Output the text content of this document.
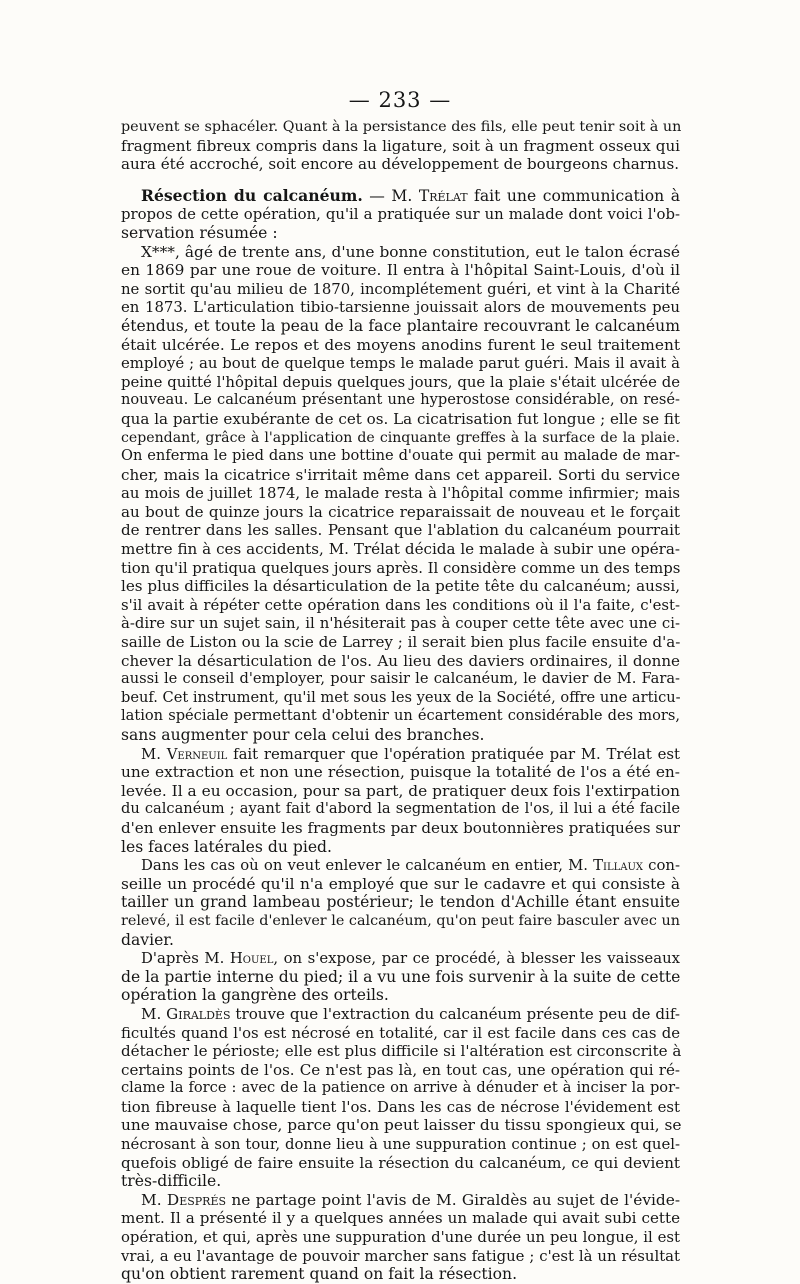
— 233 —
peuvent se sphacéler. Quant à la persistance des fils, elle peut tenir soit à un
fragment fibreux compris dans la ligature, soit à un fragment osseux qui
aura été accroché, soit encore au développement de bourgeons charnus.
Résection du calcanéum. — M. Trélat fait une communication à
propos de cette opération, qu'il a pratiquée sur un malade dont voici l'ob-
servation résumée :
X***, âgé de trente ans, d'une bonne constitution, eut le talon écrasé
en 1869 par une roue de voiture. Il entra à l'hôpital Saint-Louis, d'où il
ne sortit qu'au milieu de 1870, incomplétement guéri, et vint à la Charité
en 1873. L'articulation tibio-tarsienne jouissait alors de mouvements peu
étendus, et toute la peau de la face plantaire recouvrant le calcanéum
était ulcérée. Le repos et des moyens anodins furent le seul traitement
employé ; au bout de quelque temps le malade parut guéri. Mais il avait à
peine quitté l'hôpital depuis quelques jours, que la plaie s'était ulcérée de
nouveau. Le calcanéum présentant une hyperostose considérable, on resé-
qua la partie exubérante de cet os. La cicatrisation fut longue ; elle se fit
cependant, grâce à l'application de cinquante greffes à la surface de la plaie.
On enferma le pied dans une bottine d'ouate qui permit au malade de mar-
cher, mais la cicatrice s'irritait même dans cet appareil. Sorti du service
au mois de juillet 1874, le malade resta à l'hôpital comme infirmier; mais
au bout de quinze jours la cicatrice reparaissait de nouveau et le forçait
de rentrer dans les salles. Pensant que l'ablation du calcanéum pourrait
mettre fin à ces accidents, M. Trélat décida le malade à subir une opéra-
tion qu'il pratiqua quelques jours après. Il considère comme un des temps
les plus difficiles la désarticulation de la petite tête du calcanéum; aussi,
s'il avait à répéter cette opération dans les conditions où il l'a faite, c'est-
à-dire sur un sujet sain, il n'hésiterait pas à couper cette tête avec une ci-
saille de Liston ou la scie de Larrey ; il serait bien plus facile ensuite d'a-
chever la désarticulation de l'os. Au lieu des daviers ordinaires, il donne
aussi le conseil d'employer, pour saisir le calcanéum, le davier de M. Fara-
beuf. Cet instrument, qu'il met sous les yeux de la Société, offre une articu-
lation spéciale permettant d'obtenir un écartement considérable des mors,
sans augmenter pour cela celui des branches.
M. Verneuil fait remarquer que l'opération pratiquée par M. Trélat est
une extraction et non une résection, puisque la totalité de l'os a été en-
levée. Il a eu occasion, pour sa part, de pratiquer deux fois l'extirpation
du calcanéum ; ayant fait d'abord la segmentation de l'os, il lui a été facile
d'en enlever ensuite les fragments par deux boutonnières pratiquées sur
les faces latérales du pied.
Dans les cas où on veut enlever le calcanéum en entier, M. Tillaux con-
seille un procédé qu'il n'a employé que sur le cadavre et qui consiste à
tailler un grand lambeau postérieur; le tendon d'Achille étant ensuite
relevé, il est facile d'enlever le calcanéum, qu'on peut faire basculer avec un
davier.
D'après M. Houel, on s'expose, par ce procédé, à blesser les vaisseaux
de la partie interne du pied; il a vu une fois survenir à la suite de cette
opération la gangrène des orteils.
M. Giraldès trouve que l'extraction du calcanéum présente peu de dif-
ficultés quand l'os est nécrosé en totalité, car il est facile dans ces cas de
détacher le périoste; elle est plus difficile si l'altération est circonscrite à
certains points de l'os. Ce n'est pas là, en tout cas, une opération qui ré-
clame la force : avec de la patience on arrive à dénuder et à inciser la por-
tion fibreuse à laquelle tient l'os. Dans les cas de nécrose l'évidement est
une mauvaise chose, parce qu'on peut laisser du tissu spongieux qui, se
nécrosant à son tour, donne lieu à une suppuration continue ; on est quel-
quefois obligé de faire ensuite la résection du calcanéum, ce qui devient
très-difficile.
M. Després ne partage point l'avis de M. Giraldès au sujet de l'évide-
ment. Il a présenté il y a quelques années un malade qui avait subi cette
opération, et qui, après une suppuration d'une durée un peu longue, il est
vrai, a eu l'avantage de pouvoir marcher sans fatigue ; c'est là un résultat
qu'on obtient rarement quand on fait la résection.
